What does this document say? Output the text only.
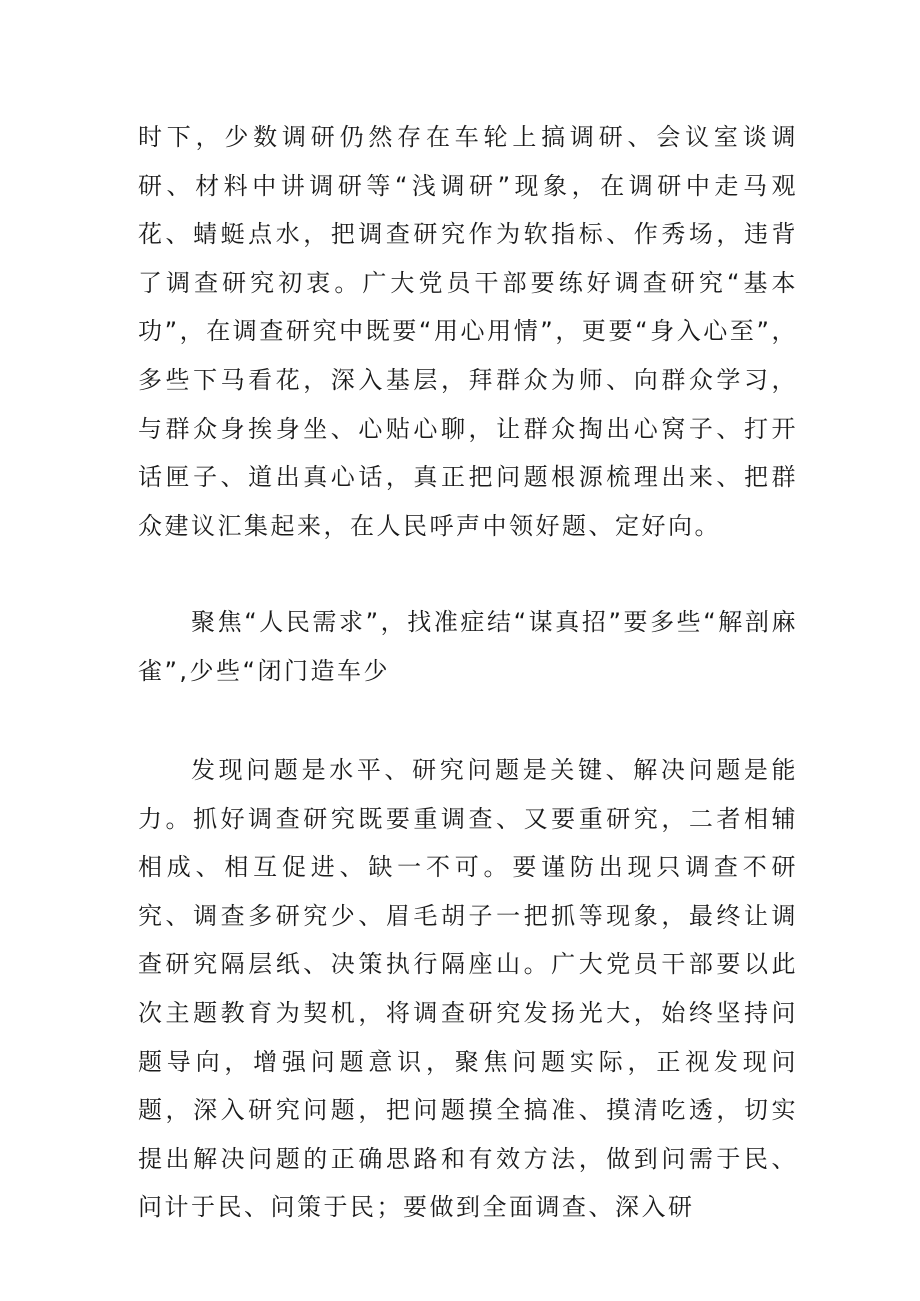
时下，少数调研仍然存在车轮上搞调研、会议室谈调研、材料中讲调研等“浅调研”现象，在调研中走马观花、蜻蜓点水，把调查研究作为软指标、作秀场，违背了调查研究初衷。广大党员干部要练好调查研究“基本功”，在调查研究中既要“用心用情”，更要“身入心至”，多些下马看花，深入基层，拜群众为师、向群众学习，与群众身挨身坐、心贴心聊，让群众掏出心窝子、打开话匣子、道出真心话，真正把问题根源梳理出来、把群众建议汇集起来，在人民呼声中领好题、定好向。

聚焦“人民需求”，找准症结“谋真招”要多些“解剖麻雀”,少些“闭门造车少

发现问题是水平、研究问题是关键、解决问题是能力。抓好调查研究既要重调查、又要重研究，二者相辅相成、相互促进、缺一不可。要谨防出现只调查不研究、调查多研究少、眉毛胡子一把抓等现象，最终让调查研究隔层纸、决策执行隔座山。广大党员干部要以此次主题教育为契机，将调查研究发扬光大，始终坚持问题导向，增强问题意识，聚焦问题实际，正视发现问题，深入研究问题，把问题摸全搞准、摸清吃透，切实提出解决问题的正确思路和有效方法，做到问需于民、问计于民、问策于民；要做到全面调查、深入研
